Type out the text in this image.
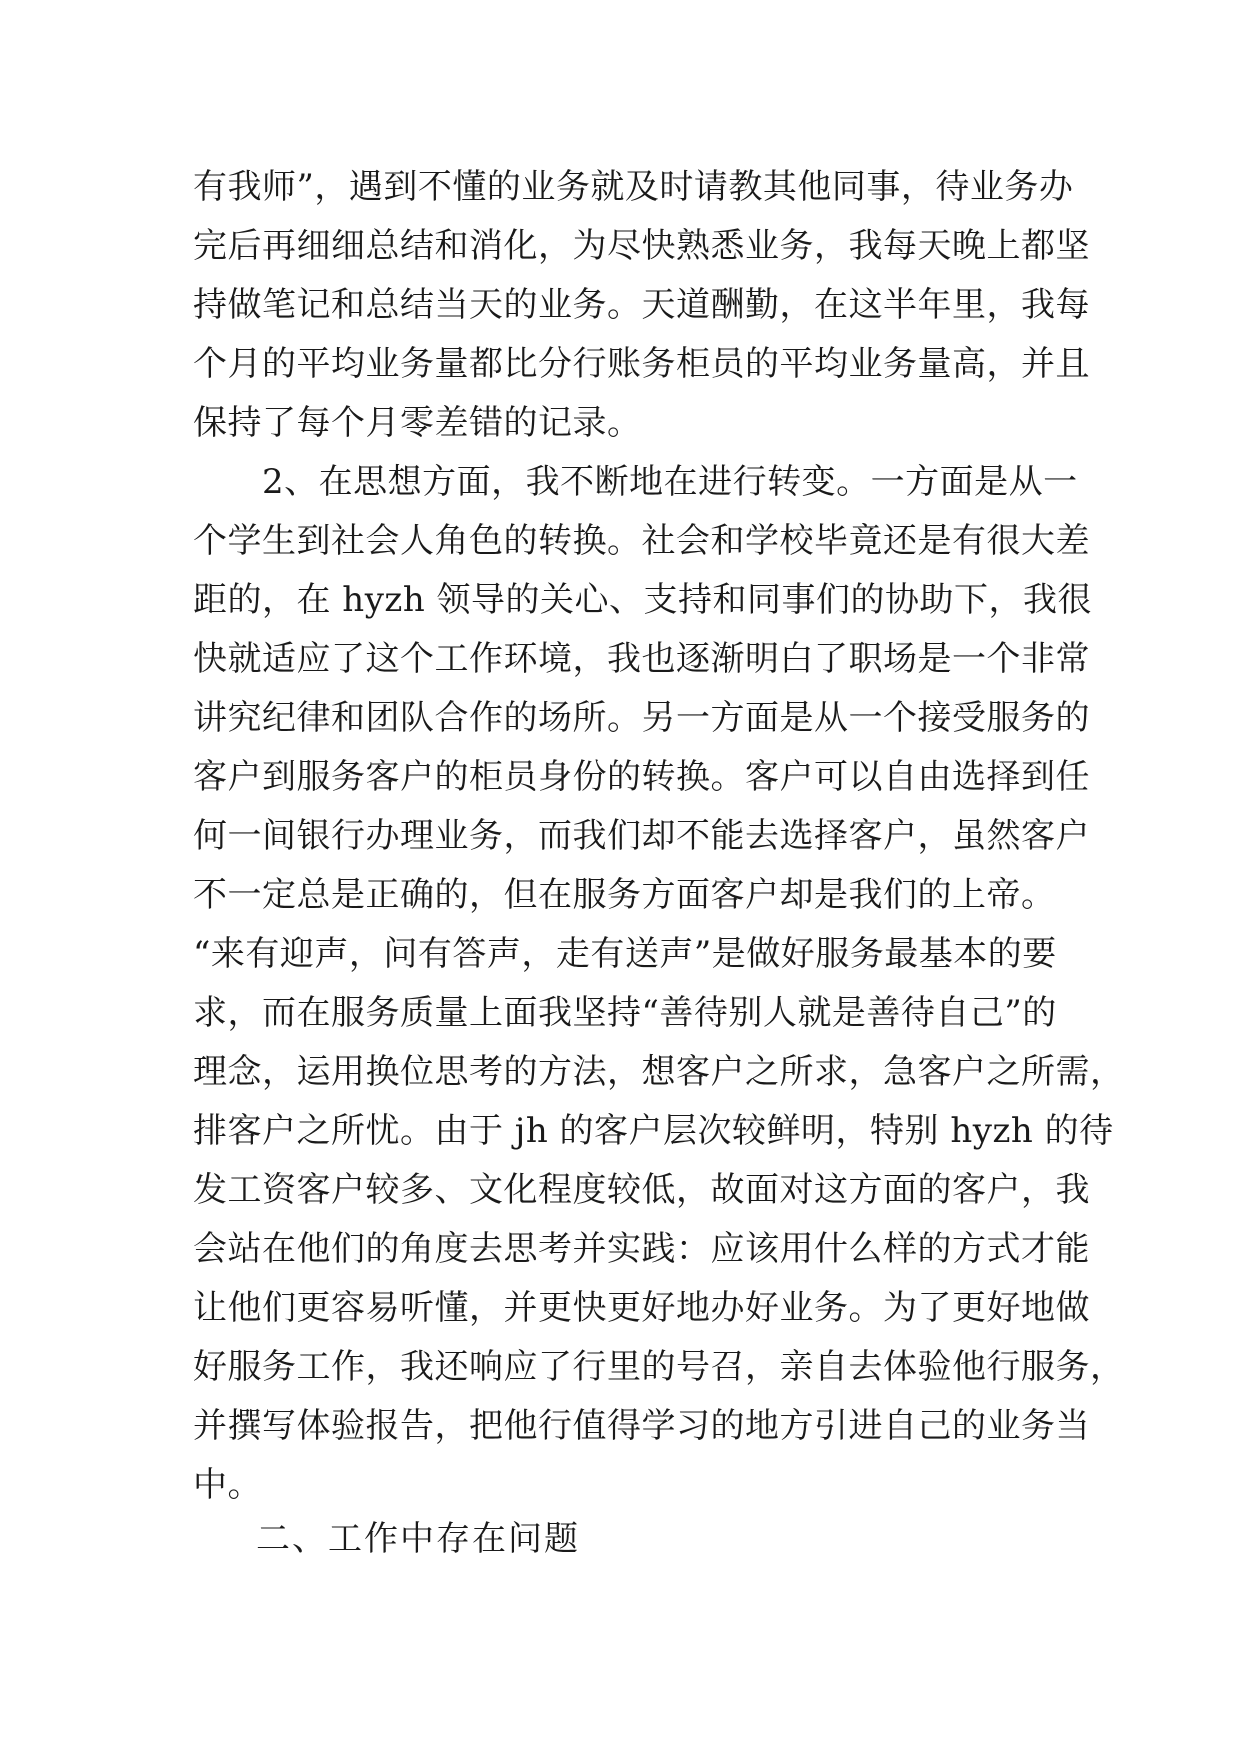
有我师”，遇到不懂的业务就及时请教其他同事，待业务办
完后再细细总结和消化，为尽快熟悉业务，我每天晚上都坚
持做笔记和总结当天的业务。天道酬勤，在这半年里，我每
个月的平均业务量都比分行账务柜员的平均业务量高，并且
保持了每个月零差错的记录。
　　2、在思想方面，我不断地在进行转变。一方面是从一
个学生到社会人角色的转换。社会和学校毕竟还是有很大差
距的，在 hyzh 领导的关心、支持和同事们的协助下，我很
快就适应了这个工作环境，我也逐渐明白了职场是一个非常
讲究纪律和团队合作的场所。另一方面是从一个接受服务的
客户到服务客户的柜员身份的转换。客户可以自由选择到任
何一间银行办理业务，而我们却不能去选择客户，虽然客户
不一定总是正确的，但在服务方面客户却是我们的上帝。
“来有迎声，问有答声，走有送声”是做好服务最基本的要
求，而在服务质量上面我坚持“善待别人就是善待自己”的
理念，运用换位思考的方法，想客户之所求，急客户之所需，
排客户之所忧。由于 jh 的客户层次较鲜明，特别 hyzh 的待
发工资客户较多、文化程度较低，故面对这方面的客户，我
会站在他们的角度去思考并实践：应该用什么样的方式才能
让他们更容易听懂，并更快更好地办好业务。为了更好地做
好服务工作，我还响应了行里的号召，亲自去体验他行服务，
并撰写体验报告，把他行值得学习的地方引进自己的业务当
中。
二、工作中存在问题
